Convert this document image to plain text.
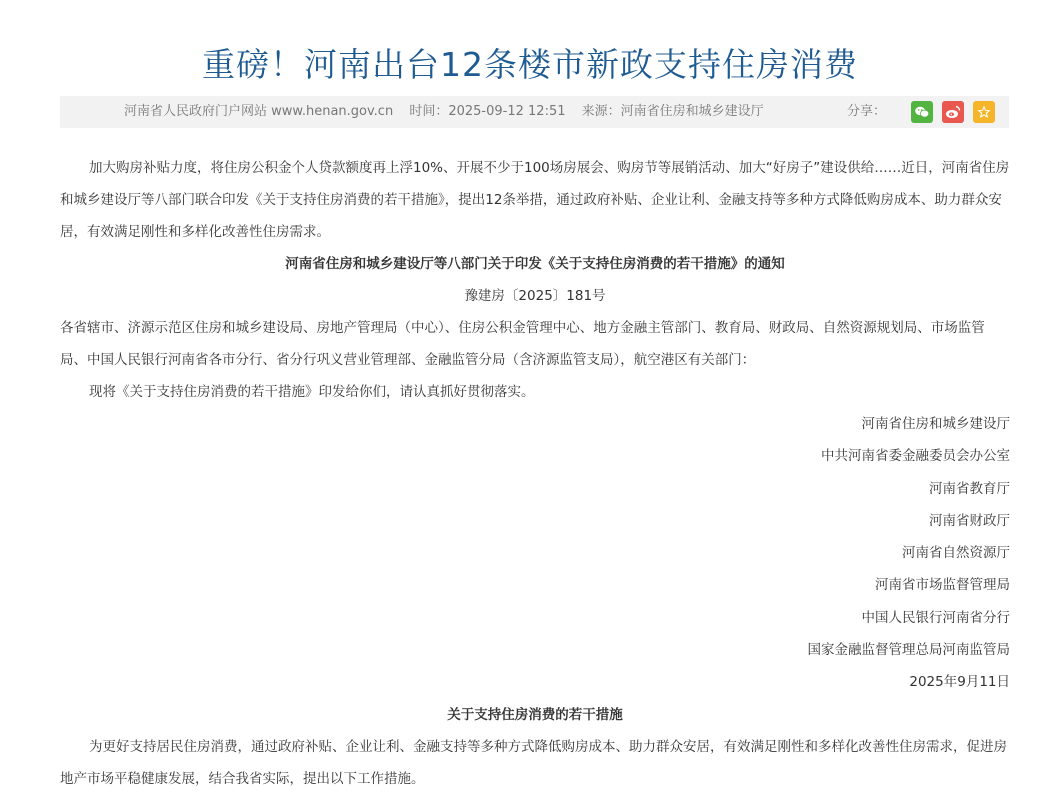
重磅！河南出台12条楼市新政支持住房消费
河南省人民政府门户网站 www.henan.gov.cn 时间：2025-09-12 12:51 来源：河南省住房和城乡建设厅	分享：

加大购房补贴力度，将住房公积金个人贷款额度再上浮10%、开展不少于100场房展会、购房节等展销活动、加大“好房子”建设供给……近日，河南省住房和城乡建设厅等八部门联合印发《关于支持住房消费的若干措施》，提出12条举措，通过政府补贴、企业让利、金融支持等多种方式降低购房成本、助力群众安居，有效满足刚性和多样化改善性住房需求。

河南省住房和城乡建设厅等八部门关于印发《关于支持住房消费的若干措施》的通知

豫建房〔2025〕181号

各省辖市、济源示范区住房和城乡建设局、房地产管理局（中心）、住房公积金管理中心、地方金融主管部门、教育局、财政局、自然资源规划局、市场监管局、中国人民银行河南省各市分行、省分行巩义营业管理部、金融监管分局（含济源监管支局），航空港区有关部门：

现将《关于支持住房消费的若干措施》印发给你们，请认真抓好贯彻落实。

河南省住房和城乡建设厅

中共河南省委金融委员会办公室

河南省教育厅

河南省财政厅

河南省自然资源厅

河南省市场监督管理局

中国人民银行河南省分行

国家金融监督管理总局河南监管局

2025年9月11日

关于支持住房消费的若干措施

为更好支持居民住房消费，通过政府补贴、企业让利、金融支持等多种方式降低购房成本、助力群众安居，有效满足刚性和多样化改善性住房需求，促进房地产市场平稳健康发展，结合我省实际，提出以下工作措施。
